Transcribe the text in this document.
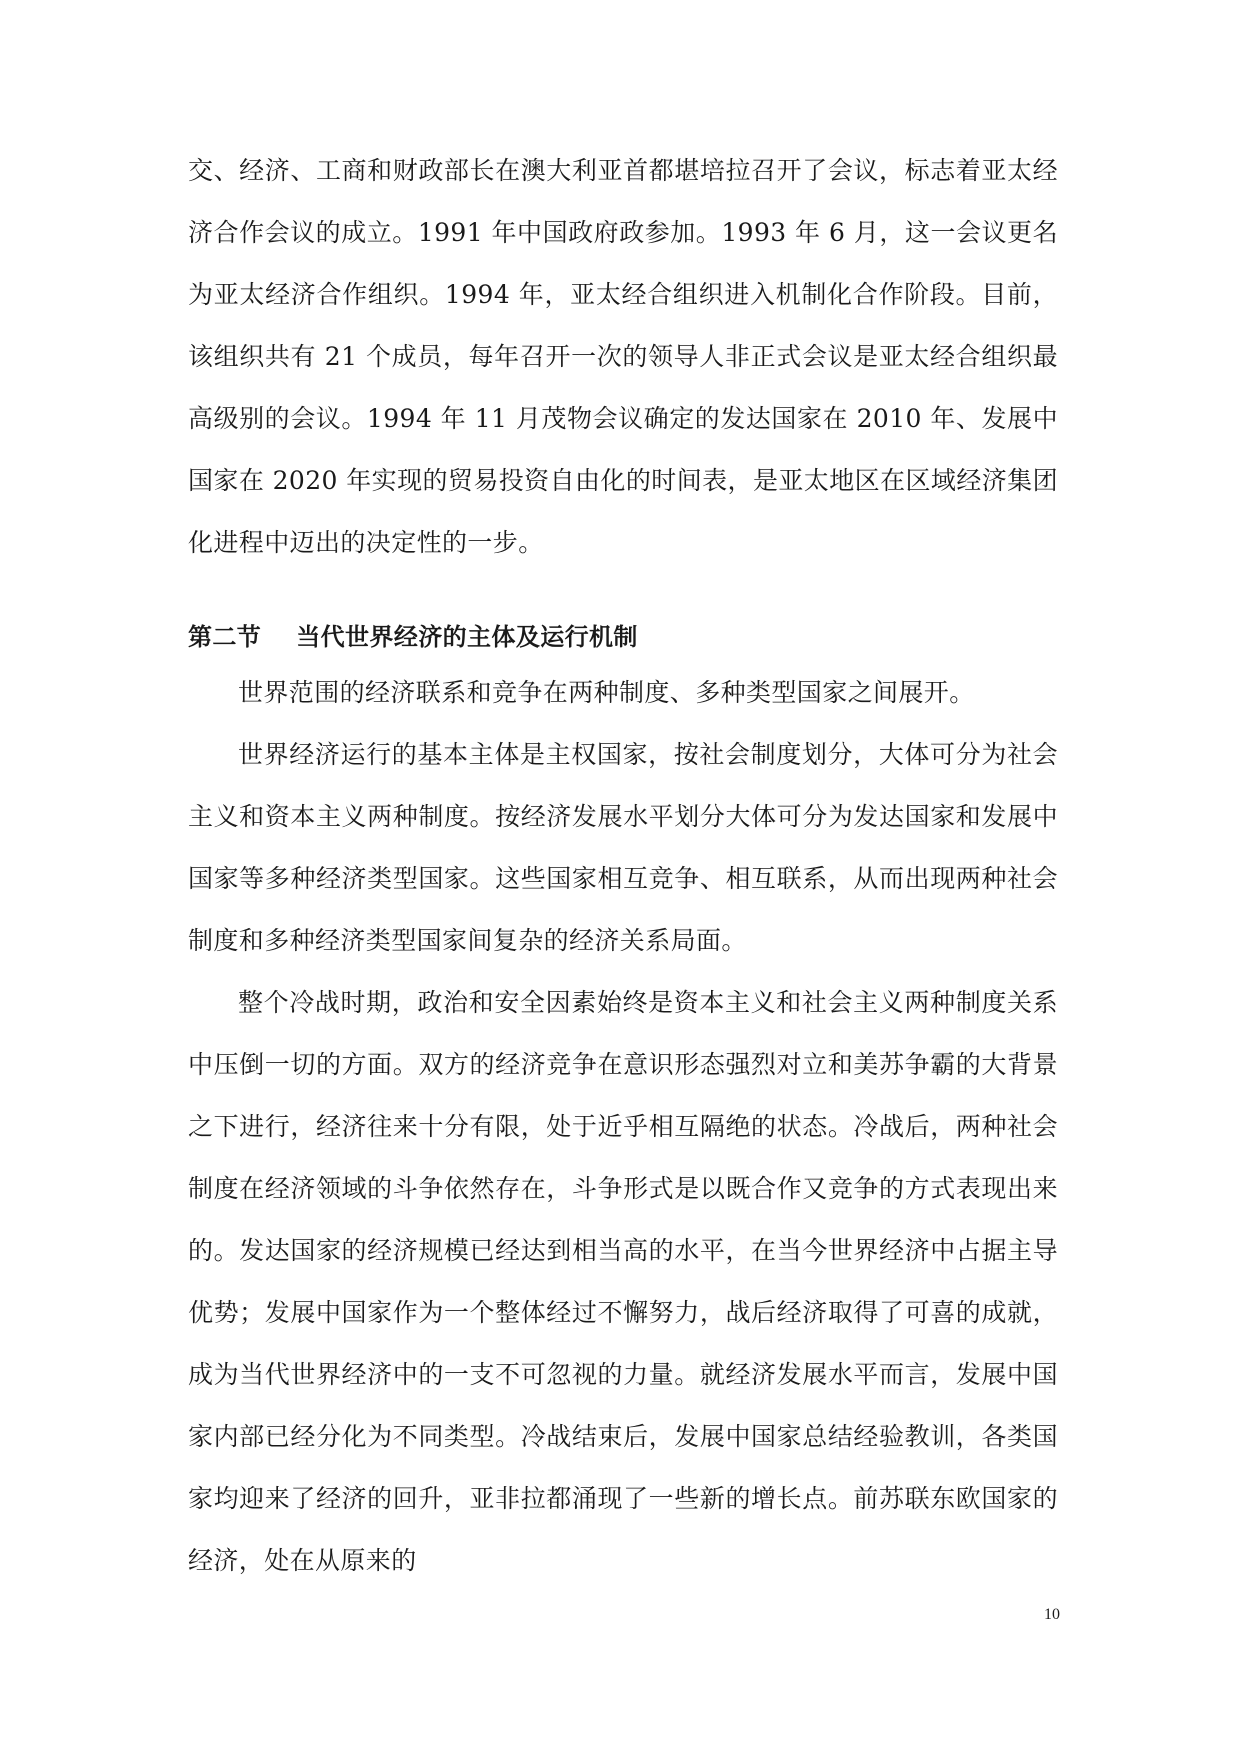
交、经济、工商和财政部长在澳大利亚首都堪培拉召开了会议，标志着亚太经济合作会议的成立。1991 年中国政府政参加。1993 年 6 月，这一会议更名为亚太经济合作组织。1994 年，亚太经合组织进入机制化合作阶段。目前，该组织共有 21 个成员，每年召开一次的领导人非正式会议是亚太经合组织最高级别的会议。1994 年 11 月茂物会议确定的发达国家在 2010 年、发展中国家在 2020 年实现的贸易投资自由化的时间表，是亚太地区在区域经济集团化进程中迈出的决定性的一步。

第二节    当代世界经济的主体及运行机制

世界范围的经济联系和竞争在两种制度、多种类型国家之间展开。

世界经济运行的基本主体是主权国家，按社会制度划分，大体可分为社会主义和资本主义两种制度。按经济发展水平划分大体可分为发达国家和发展中国家等多种经济类型国家。这些国家相互竞争、相互联系，从而出现两种社会制度和多种经济类型国家间复杂的经济关系局面。

整个冷战时期，政治和安全因素始终是资本主义和社会主义两种制度关系中压倒一切的方面。双方的经济竞争在意识形态强烈对立和美苏争霸的大背景之下进行，经济往来十分有限，处于近乎相互隔绝的状态。冷战后，两种社会制度在经济领域的斗争依然存在，斗争形式是以既合作又竞争的方式表现出来的。发达国家的经济规模已经达到相当高的水平，在当今世界经济中占据主导优势；发展中国家作为一个整体经过不懈努力，战后经济取得了可喜的成就，成为当代世界经济中的一支不可忽视的力量。就经济发展水平而言，发展中国家内部已经分化为不同类型。冷战结束后，发展中国家总结经验教训，各类国家均迎来了经济的回升，亚非拉都涌现了一些新的增长点。前苏联东欧国家的经济，处在从原来的

10
